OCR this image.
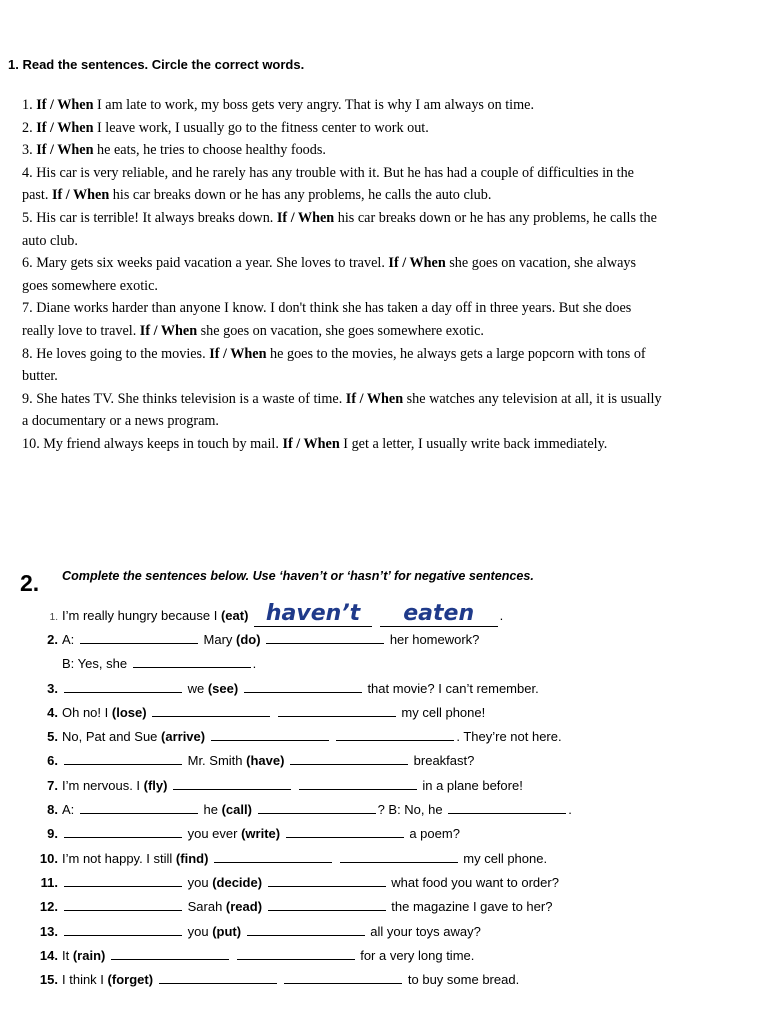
1. Read the sentences. Circle the correct words.

1. If / When I am late to work, my boss gets very angry. That is why I am always on time.

2. If / When I leave work, I usually go to the fitness center to work out.

3. If / When he eats, he tries to choose healthy foods.

4. His car is very reliable, and he rarely has any trouble with it. But he has had a couple of difficulties in the past. If / When his car breaks down or he has any problems, he calls the auto club.

5. His car is terrible! It always breaks down. If / When his car breaks down or he has any problems, he calls the auto club.

6. Mary gets six weeks paid vacation a year. She loves to travel. If / When she goes on vacation, she always goes somewhere exotic.

7. Diane works harder than anyone I know. I don't think she has taken a day off in three years. But she does really love to travel. If / When she goes on vacation, she goes somewhere exotic.

8. He loves going to the movies. If / When he goes to the movies, he always gets a large popcorn with tons of butter.

9. She hates TV. She thinks television is a waste of time. If / When she watches any television at all, it is usually a documentary or a news program.

10. My friend always keeps in touch by mail. If / When I get a letter, I usually write back immediately.

2. Complete the sentences below. Use ‘haven’t or ‘hasn’t’ for negative sentences.
1. I’m really hungry because I (eat) haven’t eaten .
2. A:	Mary (do)	her homework?
B: Yes, she	.
3.	we (see)	that movie? I can’t remember.
4. Oh no! I (lose)	my cell phone!
5. No, Pat and Sue (arrive)	. They’re not here.
6.	Mr. Smith (have)	breakfast?
7. I’m nervous. I (fly)	in a plane before!
8. A:	he (call)	? B: No, he	.
9.	you ever (write)	a poem?
10. I’m not happy. I still (find)	my cell phone.
11.	you (decide)	what food you want to order?
12.	Sarah (read)	the magazine I gave to her?
13.	you (put)	all your toys away?
14. It (rain)	for a very long time.
15. I think I (forget)	to buy some bread.
